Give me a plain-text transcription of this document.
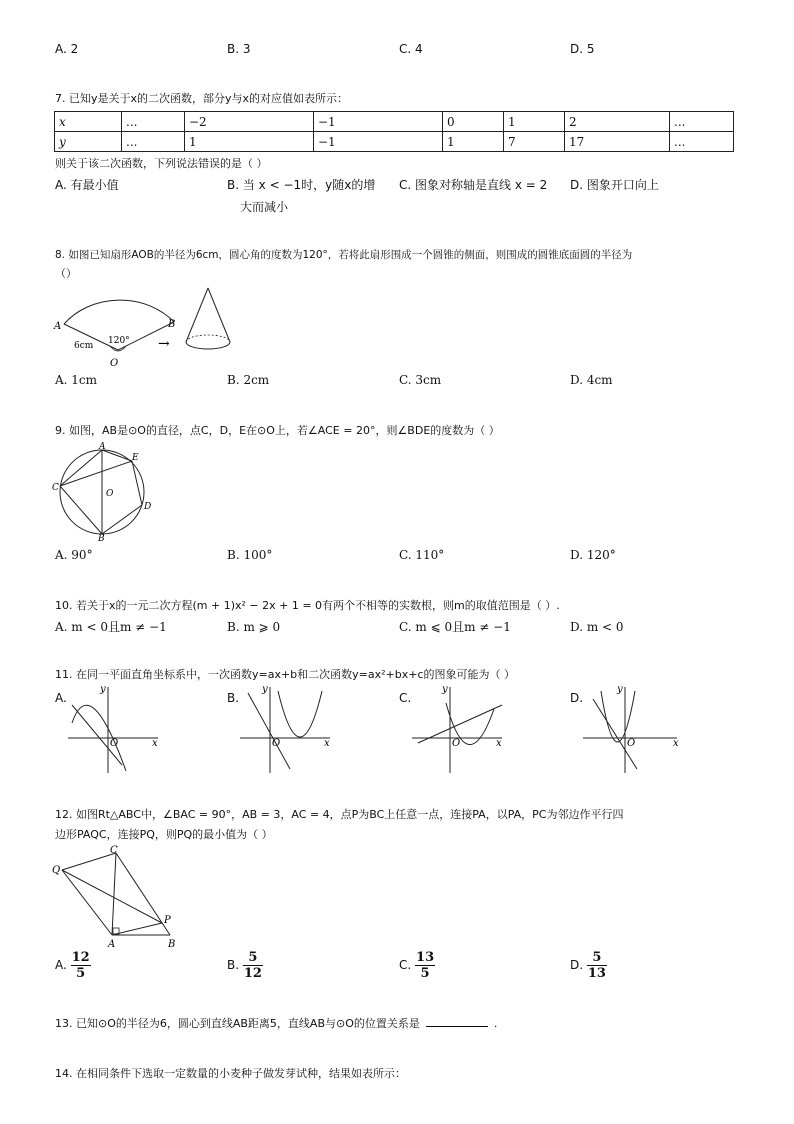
A. 2	B. 3	C. 4	D. 5
7. 已知y是关于x的二次函数，部分y与x的对应值如表所示：
x	...	−2	−1	0	1	2	...
y	...	1	−1	1	7	17	...
则关于该二次函数，下列说法错误的是（ ）
A. 有最小值	B. 当 x < −1时，y随x的增
大而减小
C. 图象对称轴是直线 x = 2 D. 图象开口向上
8. 如图已知扇形AOB的半径为6cm，圆心角的度数为120°，若将此扇形围成一个圆锥的侧面，则围成的圆锥底面圆的半径为
（）
A	B
O
120°
6cm	→
A. 1cm	B. 2cm	C. 3cm	D. 4cm
9. 如图，AB是⊙O的直径，点C，D，E在⊙O上，若∠ACE = 20°，则∠BDE的度数为（ ）
A
E
C
O
D
B
A. 90°	B. 100°	C. 110°	D. 120°
10. 若关于x的一元二次方程(m + 1)x² − 2x + 1 = 0有两个不相等的实数根，则m的取值范围是（ ）.
A. m < 0且m ≠ −1	B. m ⩾ 0	C. m ⩽ 0且m ≠ −1	D. m < 0
11. 在同一平面直角坐标系中，一次函数y=ax+b和二次函数y=ax²+bx+c的图象可能为（ ）
A.
y
x
O
B.
y
x
O
C.
y
x
O
D.
y
x
O
12. 如图Rt△ABC中，∠BAC = 90°，AB = 3，AC = 4，点P为BC上任意一点，连接PA，以PA，PC为邻边作平行四
边形PAQC，连接PQ，则PQ的最小值为（ ）
Q
C
P
A	B
A. $\frac{12}{5}$	B. $\frac{5}{12}$	C. $\frac{13}{5}$	D. $\frac{5}{13}$
13. 已知⊙O的半径为6，圆心到直线AB距离5，直线AB与⊙O的位置关系是	.
14. 在相同条件下选取一定数量的小麦种子做发芽试种，结果如表所示：
